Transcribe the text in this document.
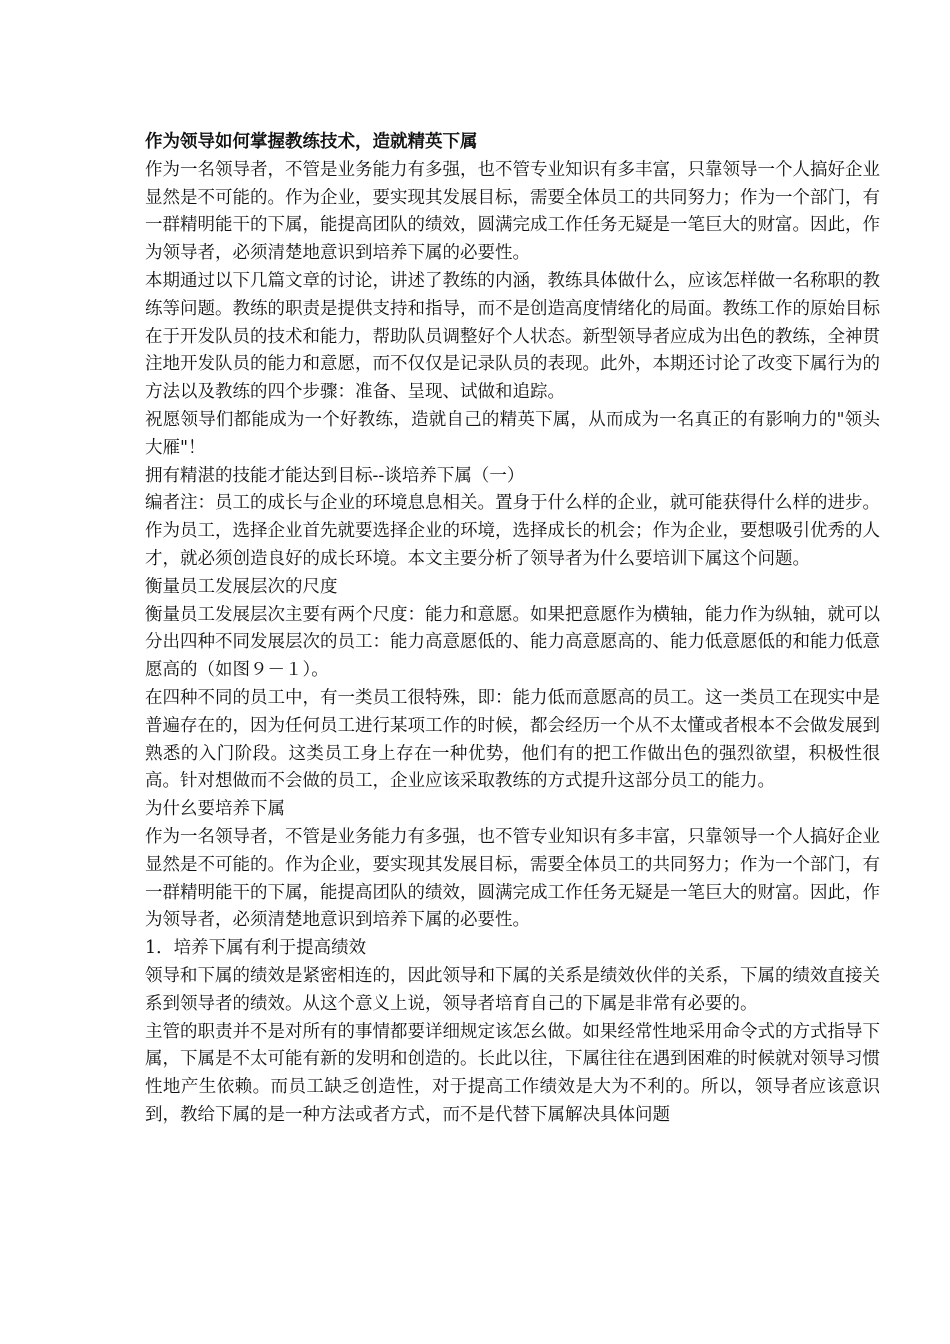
作为领导如何掌握教练技术，造就精英下属

作为一名领导者，不管是业务能力有多强，也不管专业知识有多丰富，只靠领导一个人搞好企业显然是不可能的。作为企业，要实现其发展目标，需要全体员工的共同努力；作为一个部门，有一群精明能干的下属，能提高团队的绩效，圆满完成工作任务无疑是一笔巨大的财富。因此，作为领导者，必须清楚地意识到培养下属的必要性。

本期通过以下几篇文章的讨论，讲述了教练的内涵，教练具体做什么，应该怎样做一名称职的教练等问题。教练的职责是提供支持和指导，而不是创造高度情绪化的局面。教练工作的原始目标在于开发队员的技术和能力，帮助队员调整好个人状态。新型领导者应成为出色的教练，全神贯注地开发队员的能力和意愿，而不仅仅是记录队员的表现。此外，本期还讨论了改变下属行为的方法以及教练的四个步骤：准备、呈现、试做和追踪。

祝愿领导们都能成为一个好教练，造就自己的精英下属，从而成为一名真正的有影响力的"领头大雁"！

拥有精湛的技能才能达到目标--谈培养下属（一）

编者注：员工的成长与企业的环境息息相关。置身于什么样的企业，就可能获得什么样的进步。作为员工，选择企业首先就要选择企业的环境，选择成长的机会；作为企业，要想吸引优秀的人才，就必须创造良好的成长环境。本文主要分析了领导者为什么要培训下属这个问题。

衡量员工发展层次的尺度

衡量员工发展层次主要有两个尺度：能力和意愿。如果把意愿作为横轴，能力作为纵轴，就可以分出四种不同发展层次的员工：能力高意愿低的、能力高意愿高的、能力低意愿低的和能力低意愿高的（如图９－１）。

在四种不同的员工中，有一类员工很特殊，即：能力低而意愿高的员工。这一类员工在现实中是普遍存在的，因为任何员工进行某项工作的时候，都会经历一个从不太懂或者根本不会做发展到熟悉的入门阶段。这类员工身上存在一种优势，他们有的把工作做出色的强烈欲望，积极性很高。针对想做而不会做的员工，企业应该采取教练的方式提升这部分员工的能力。

为什幺要培养下属

作为一名领导者，不管是业务能力有多强，也不管专业知识有多丰富，只靠领导一个人搞好企业显然是不可能的。作为企业，要实现其发展目标，需要全体员工的共同努力；作为一个部门，有一群精明能干的下属，能提高团队的绩效，圆满完成工作任务无疑是一笔巨大的财富。因此，作为领导者，必须清楚地意识到培养下属的必要性。

1．培养下属有利于提高绩效

领导和下属的绩效是紧密相连的，因此领导和下属的关系是绩效伙伴的关系，下属的绩效直接关系到领导者的绩效。从这个意义上说，领导者培育自己的下属是非常有必要的。

主管的职责并不是对所有的事情都要详细规定该怎幺做。如果经常性地采用命令式的方式指导下属，下属是不太可能有新的发明和创造的。长此以往，下属往往在遇到困难的时候就对领导习惯性地产生依赖。而员工缺乏创造性，对于提高工作绩效是大为不利的。所以，领导者应该意识到，教给下属的是一种方法或者方式，而不是代替下属解决具体问题
